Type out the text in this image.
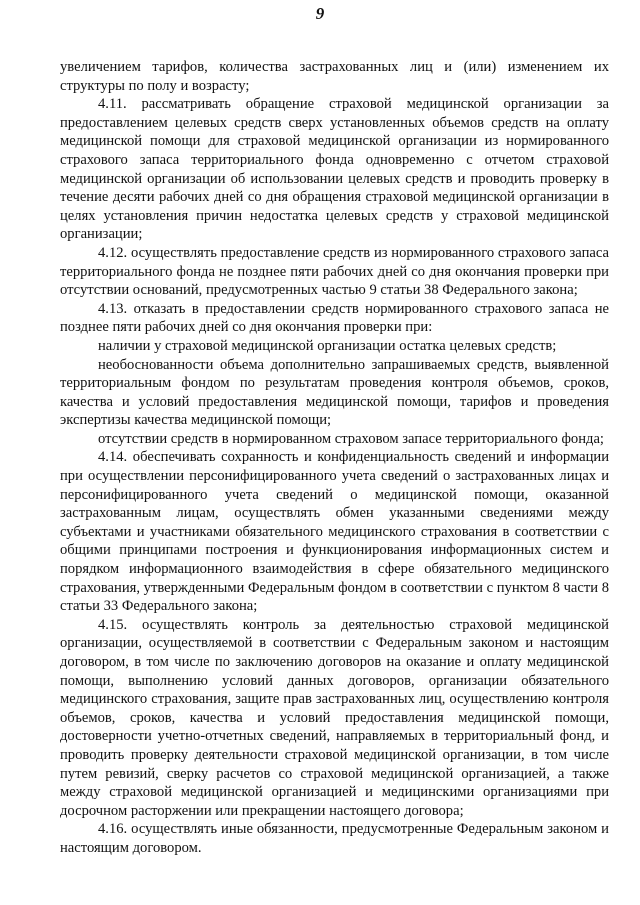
9

увеличением тарифов, количества застрахованных лиц и (или) изменением их структуры по полу и возрасту;

4.11. рассматривать обращение страховой медицинской организации за предоставлением целевых средств сверх установленных объемов средств на оплату медицинской помощи для страховой медицинской организации из нормированного страхового запаса территориального фонда одновременно с отчетом страховой медицинской организации об использовании целевых средств и проводить проверку в течение десяти рабочих дней со дня обращения страховой медицинской организации в целях установления причин недостатка целевых средств у страховой медицинской организации;

4.12. осуществлять предоставление средств из нормированного страхового запаса территориального фонда не позднее пяти рабочих дней со дня окончания проверки при отсутствии оснований, предусмотренных частью 9 статьи 38 Федерального закона;

4.13. отказать в предоставлении средств нормированного страхового запаса не позднее пяти рабочих дней со дня окончания проверки при:

наличии у страховой медицинской организации остатка целевых средств;

необоснованности объема дополнительно запрашиваемых средств, выявленной территориальным фондом по результатам проведения контроля объемов, сроков, качества и условий предоставления медицинской помощи, тарифов и проведения экспертизы качества медицинской помощи;

отсутствии средств в нормированном страховом запасе территориального фонда;

4.14. обеспечивать сохранность и конфиденциальность сведений и информации при осуществлении персонифицированного учета сведений о застрахованных лицах и персонифицированного учета сведений о медицинской помощи, оказанной застрахованным лицам, осуществлять обмен указанными сведениями между субъектами и участниками обязательного медицинского страхования в соответствии с общими принципами построения и функционирования информационных систем и порядком информационного взаимодействия в сфере обязательного медицинского страхования, утвержденными Федеральным фондом в соответствии с пунктом 8 части 8 статьи 33 Федерального закона;

4.15. осуществлять контроль за деятельностью страховой медицинской организации, осуществляемой в соответствии с Федеральным законом и настоящим договором, в том числе по заключению договоров на оказание и оплату медицинской помощи, выполнению условий данных договоров, организации обязательного медицинского страхования, защите прав застрахованных лиц, осуществлению контроля объемов, сроков, качества и условий предоставления медицинской помощи, достоверности учетно-отчетных сведений, направляемых в территориальный фонд, и проводить проверку деятельности страховой медицинской организации, в том числе путем ревизий, сверку расчетов со страховой медицинской организацией, а также между страховой медицинской организацией и медицинскими организациями при досрочном расторжении или прекращении настоящего договора;

4.16. осуществлять иные обязанности, предусмотренные Федеральным законом и настоящим договором.
